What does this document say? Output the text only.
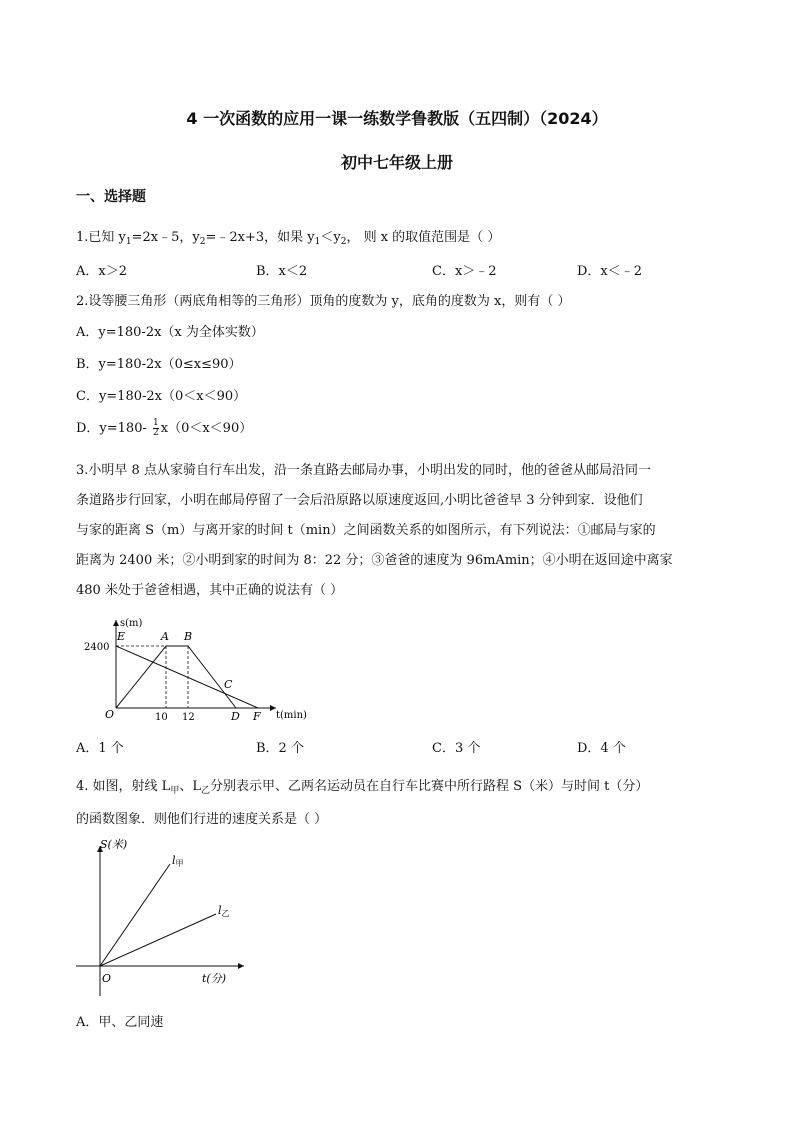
4 一次函数的应用一课一练数学鲁教版（五四制）（2024）
初中七年级上册
一、选择题
1.已知 $y_1=2x﹣5$，$y_2=﹣2x+3$，如果 $y_1<y_2$， 则 x 的取值范围是（ ）
A．x＞2	B．x＜2	C．x＞﹣2	D．x＜﹣2
2.设等腰三角形（两底角相等的三角形）顶角的度数为 y，底角的度数为 x，则有（ ）
A．y=180-2x（x 为全体实数）
B．y=180-2x（0≤x≤90）
C．y=180-2x（0＜x＜90）
D．$y=180- \frac{1}{2} x(0<x<90)$
3.小明早 8 点从家骑自行车出发，沿一条直路去邮局办事，小明出发的同时，他的爸爸从邮局沿同一
条道路步行回家，小明在邮局停留了一会后沿原路以原速度返回,小明比爸爸早 3 分钟到家．设他们
与家的距离 S（m）与离开家的时间 t（min）之间函数关系的如图所示，有下列说法：①邮局与家的
距离为 2400 米；②小明到家的时间为 8：22 分；③爸爸的速度为 96mAmin；④小明在返回途中离家
480 米处于爸爸相遇，其中正确的说法有（ ）
s(m)
t(min)
2400
E	A B
C
O	D F
10 12
A．1 个	B．2 个	C．3 个	D．4 个
4. 如图，射线 $L_甲$、$L_乙$分别表示甲、乙两名运动员在自行车比赛中所行路程 S（米）与时间 t（分）
的函数图象．则他们行进的速度关系是（ ）
S(米)
t(分)
O
l甲
l乙
A．甲、乙同速
